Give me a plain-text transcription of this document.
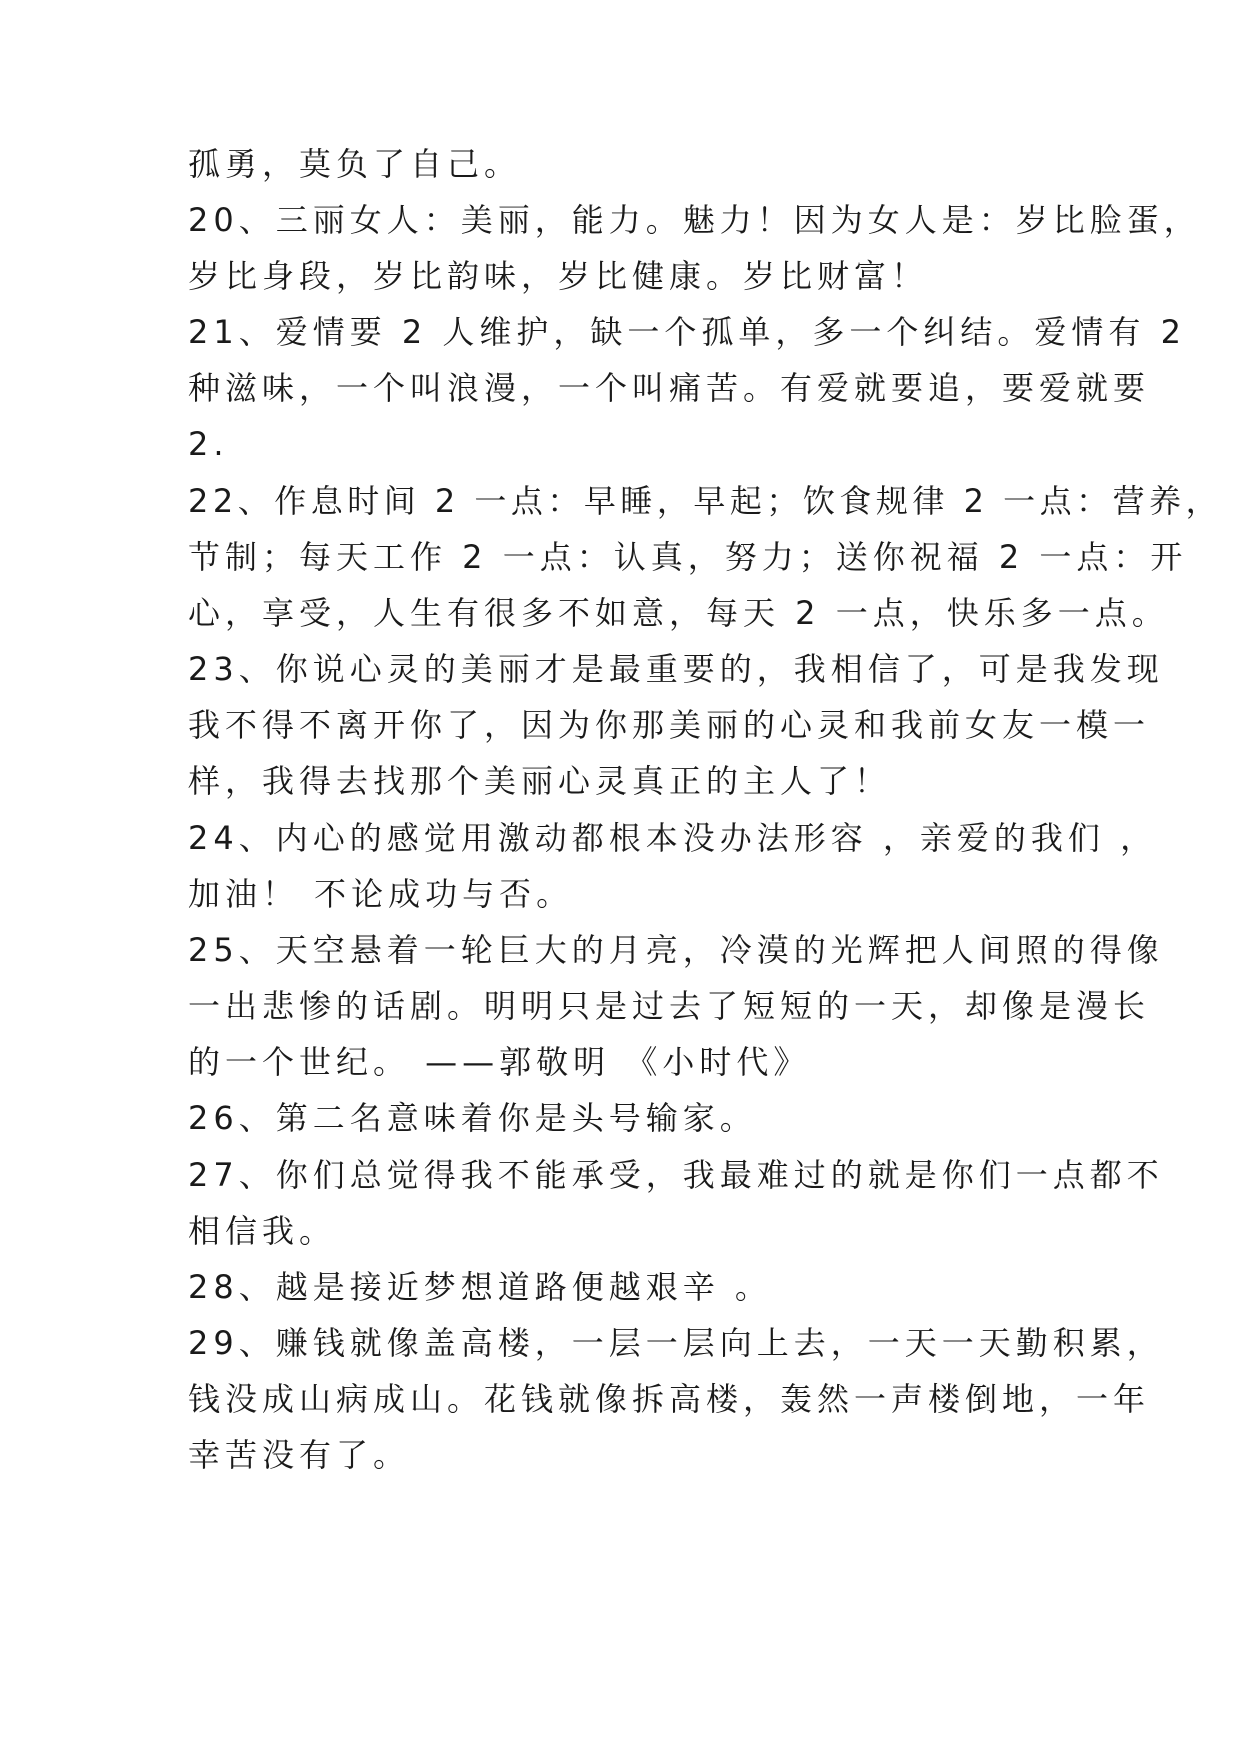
孤勇，莫负了自己。
20、三丽女人：美丽，能力。魅力！因为女人是：岁比脸蛋，
岁比身段，岁比韵味，岁比健康。岁比财富！
21、爱情要 2 人维护，缺一个孤单，多一个纠结。爱情有 2
种滋味，一个叫浪漫，一个叫痛苦。有爱就要追，要爱就要
2.
22、作息时间 2 一点：早睡，早起；饮食规律 2 一点：营养，
节制；每天工作 2 一点：认真，努力；送你祝福 2 一点：开
心，享受，人生有很多不如意，每天 2 一点，快乐多一点。
23、你说心灵的美丽才是最重要的，我相信了，可是我发现
我不得不离开你了，因为你那美丽的心灵和我前女友一模一
样，我得去找那个美丽心灵真正的主人了！
24、内心的感觉用激动都根本没办法形容 ，亲爱的我们 ，
加油！ 不论成功与否。
25、天空悬着一轮巨大的月亮，冷漠的光辉把人间照的得像
一出悲惨的话剧。明明只是过去了短短的一天，却像是漫长
的一个世纪。 ——郭敬明 《小时代》
26、第二名意味着你是头号输家。
27、你们总觉得我不能承受，我最难过的就是你们一点都不
相信我。
28、越是接近梦想道路便越艰辛 。
29、赚钱就像盖高楼，一层一层向上去，一天一天勤积累，
钱没成山病成山。花钱就像拆高楼，轰然一声楼倒地，一年
幸苦没有了。
